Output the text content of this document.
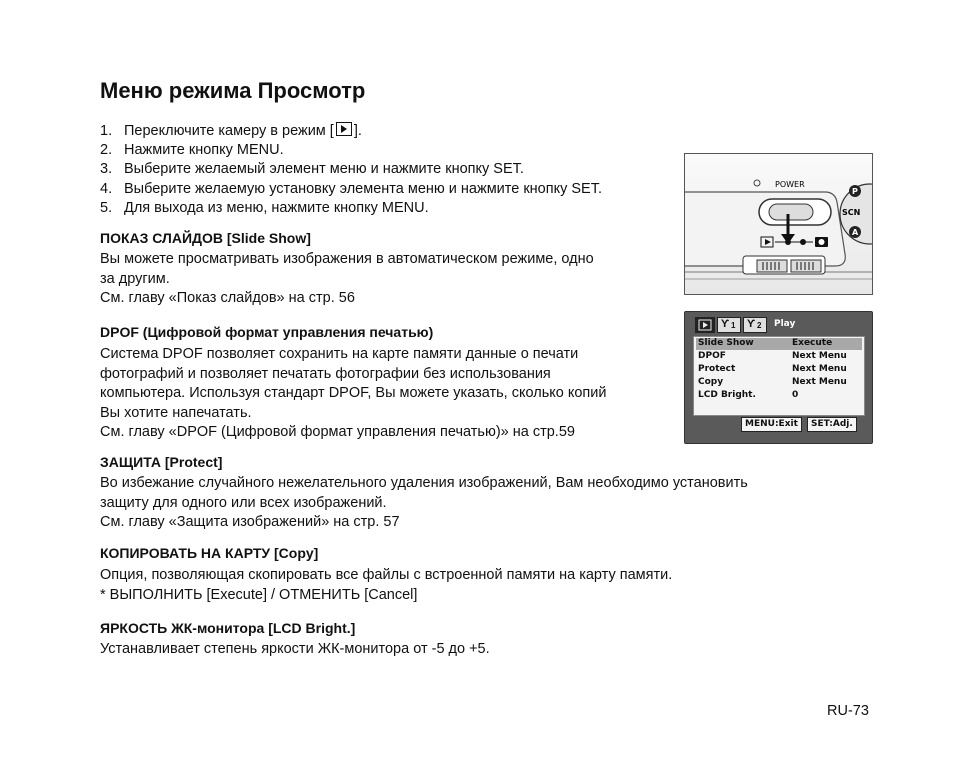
Меню режима Просмотр
1. Переключите камеру в режим [ ].
2. Нажмите кнопку MENU.
3. Выберите желаемый элемент меню и нажмите кнопку SET.
4. Выберите желаемую установку элемента меню и нажмите кнопку SET.
5. Для выхода из меню, нажмите кнопку MENU.
ПОКАЗ СЛАЙДОВ [Slide Show]
Вы можете просматривать изображения в автоматическом режиме, одно
за другим.
См. главу «Показ слайдов» на стр. 56
DPOF (Цифровой формат управления печатью)
Система DPOF позволяет сохранить на карте памяти данные о печати
фотографий и позволяет печатать фотографии без использования
компьютера. Используя стандарт DPOF, Вы можете указать, сколько копий
Вы хотите напечатать.
См. главу «DPOF (Цифровой формат управления печатью)» на стр.59
ЗАЩИТА [Protect]
Во избежание случайного нежелательного удаления изображений, Вам необходимо установить
защиту для одного или всех изображений.
См. главу «Защита изображений» на стр. 57
КОПИРОВАТЬ НА КАРТУ [Copy]
Опция, позволяющая скопировать все файлы с встроенной памяти на карту памяти.
* ВЫПОЛНИТЬ [Execute] / ОТМЕНИТЬ [Cancel]
ЯРКОСТЬ ЖК-монитора [LCD Bright.]
Устанавливает степень яркости ЖК-монитора от -5 до +5.
POWER
P
SCN
A
Ƴ 1 Ƴ 2 Play
Slide Show	Execute
DPOF	Next Menu
Protect	Next Menu
Copy	Next Menu
LCD Bright.	0
MENU:Exit	SET:Adj.
RU-73
